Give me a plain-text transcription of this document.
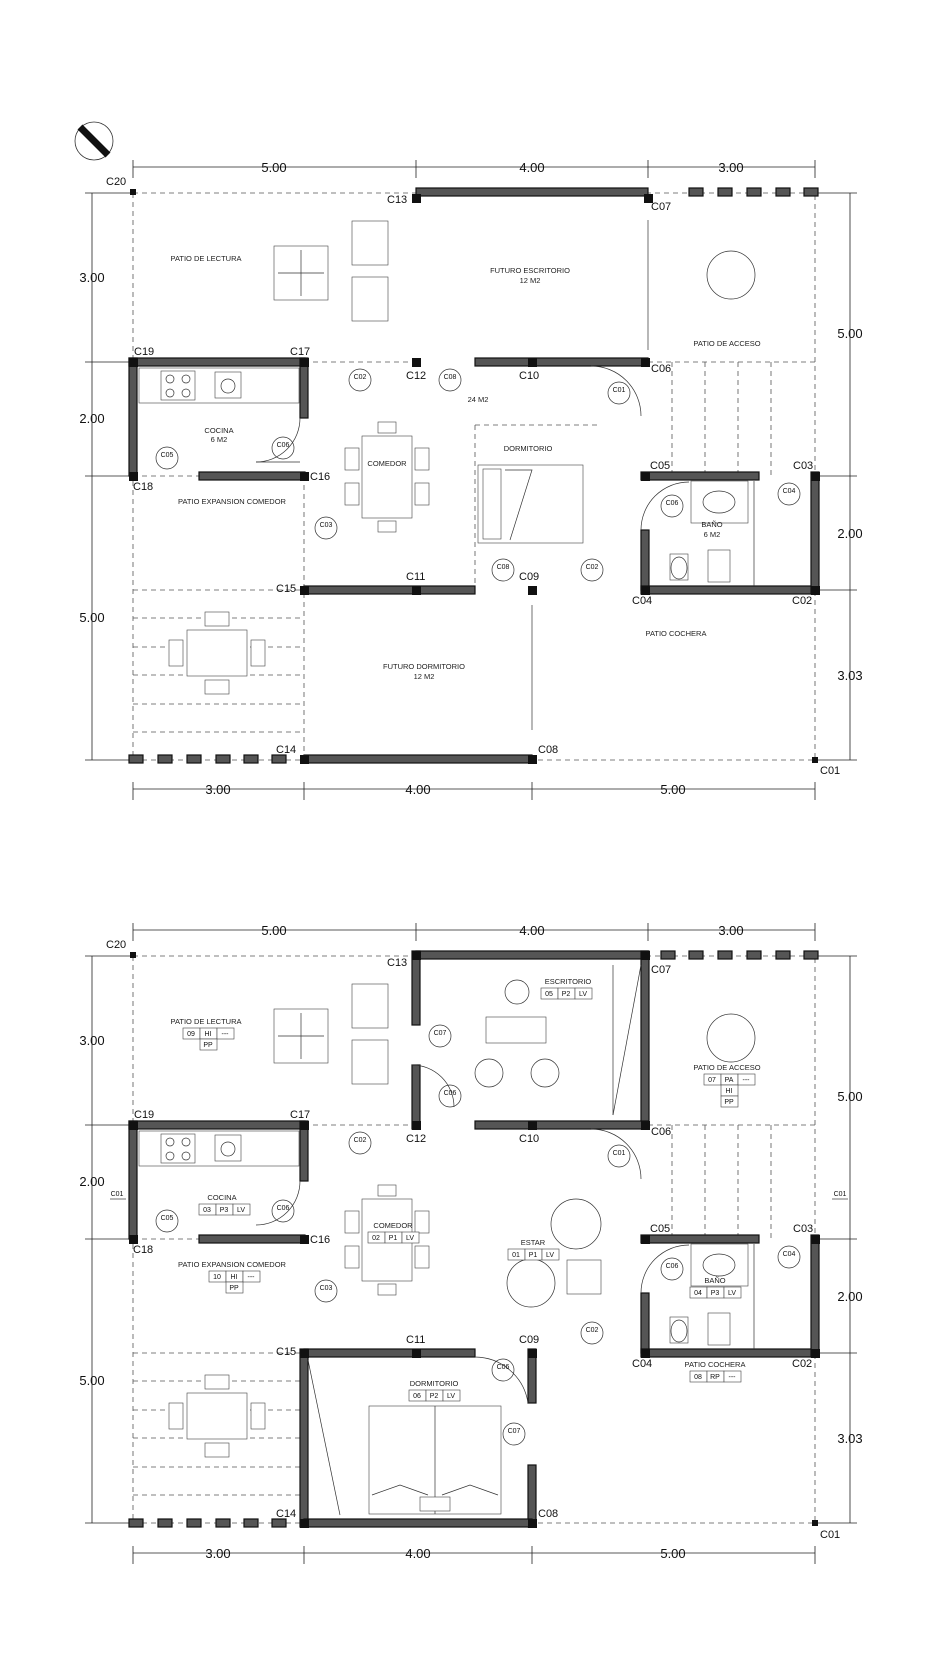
5.00	4.00	3.00
3.00	4.00	5.00
3.00
2.00
5.00
5.00
2.00
3.03
C20
C13
C07
C19	C17
C12	C10
C06
C18
C16
C05	C03
C15
C11	C09
C04	C02
C14	C08
C01
PATIO DE LECTURA
FUTURO ESCRITORIO
12 M2
PATIO DE ACCESO
24 M2
COCINA
6 M2
COMEDOR
DORMITORIO
BAÑO
6 M2
PATIO EXPANSION COMEDOR
PATIO COCHERA
FUTURO DORMITORIO
12 M2
C01
C02	C08
C05
C06
C03
C06
C04
C08	C02
5.00	4.00	3.00
3.00	4.00	5.00
3.00
2.00
5.00
5.00
2.00
3.03
C01	C01
C20
C13
C07
C19	C17
C12	C10
C06
C18
C16
C05	C03
C15
C11	C09
C04	C02
C14	C08
C01
ESCRITORIO
05 P2 LV
PATIO DE LECTURA
09 HI ---
PP
PATIO DE ACCESO
07 PA ---
HI
PP
COCINA
03 P3 LV
COMEDOR
02 P1 LV	ESTAR
01 P1 LV
BAÑO
04 P3 LV
PATIO EXPANSION COMEDOR
10 HI ---
PP
PATIO COCHERA
08 RP ---
DORMITORIO
06 P2 LV
C07
C06
C02
C01
C05
C06
C03
C06
C04
C02
C06
C07
